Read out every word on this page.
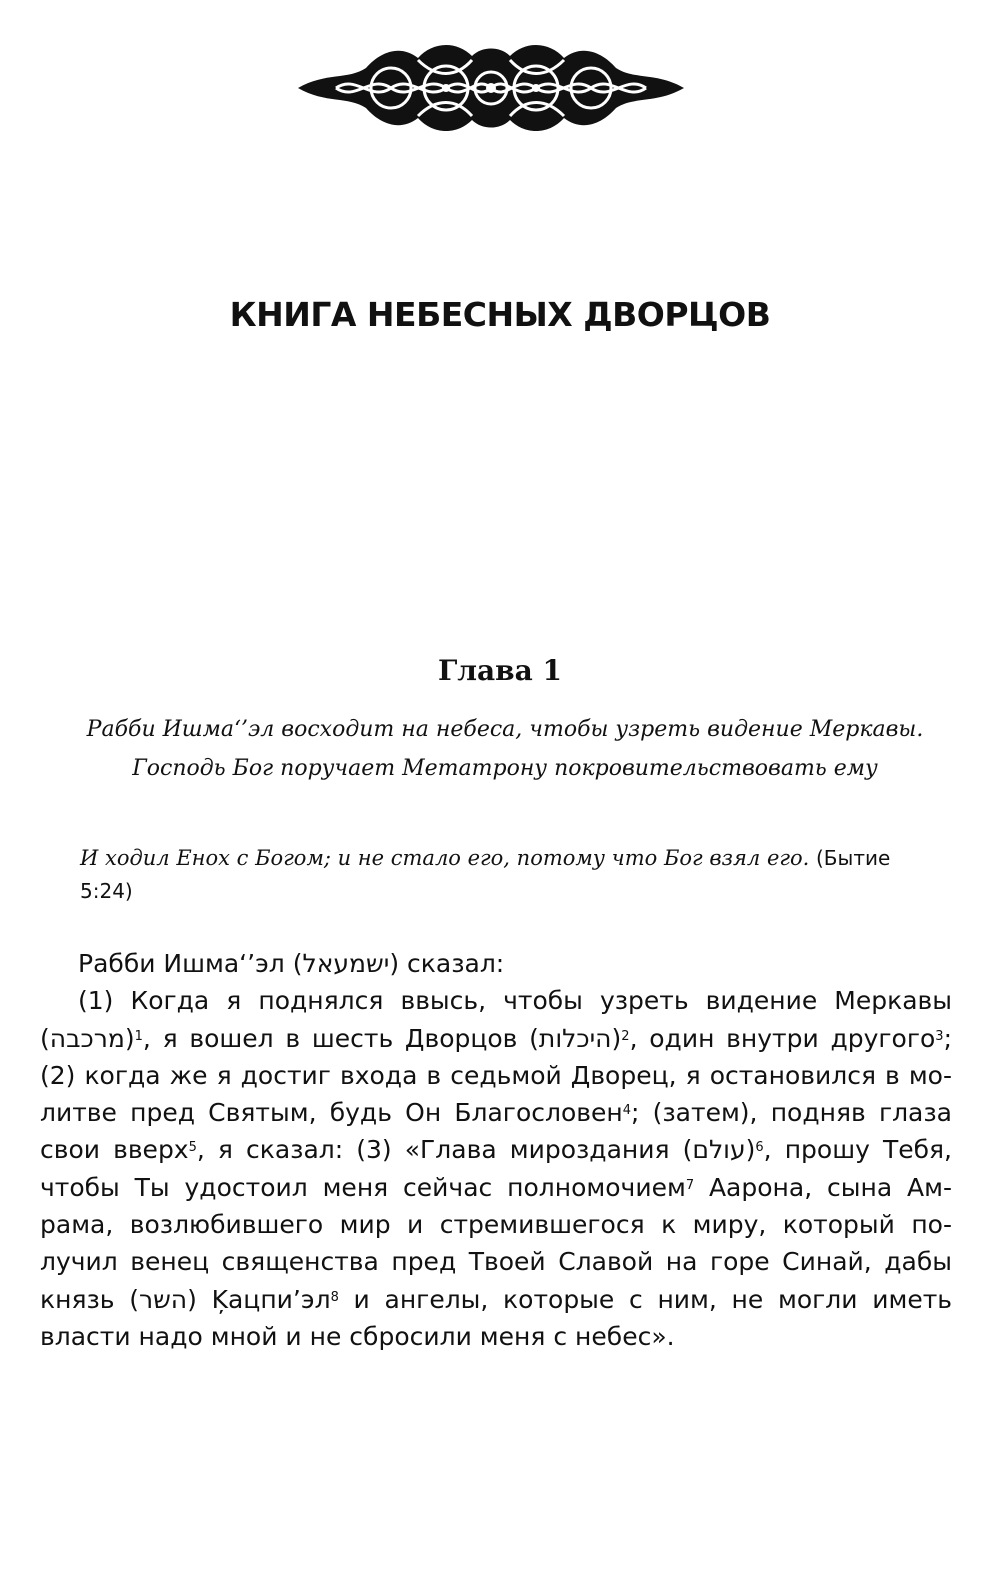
КНИГА НЕБЕСНЫХ ДВОРЦОВ
Глава 1
Рабби Ишма‘’эл восходит на небеса, чтобы узреть видение Меркавы.
Господь Бог поручает Метатрону покровительствовать ему
И ходил Енох с Богом; и не стало его, потому что Бог взял его. (Бытие
5:24)
Рабби Ишма‘’эл (ישמעאל) сказал:
(1) Когда я поднялся ввысь, чтобы узреть видение Меркавы
(מרכבה)$^1$, я вошел в шесть Дворцов (היכלות)$^2$, один внутри другого$^3$;
(2) когда же я достиг входа в седьмой Дворец, я остановился в мо-
литве пред Святым, будь Он Благословен$^4$; (затем), подняв глаза
свои вверх$^5$, я сказал: (3) «Глава мироздания (עולם)$^6$, прошу Тебя,
чтобы Ты удостоил меня сейчас полномочием$^7$ Аарона, сына Ам-
рама, возлюбившего мир и стремившегося к миру, который по-
лучил венец священства пред Твоей Славой на горе Синай, дабы
князь (השר) $Ķацпи’эл^8$ и ангелы, которые с ним, не могли иметь
власти надо мной и не сбросили меня с небес».
